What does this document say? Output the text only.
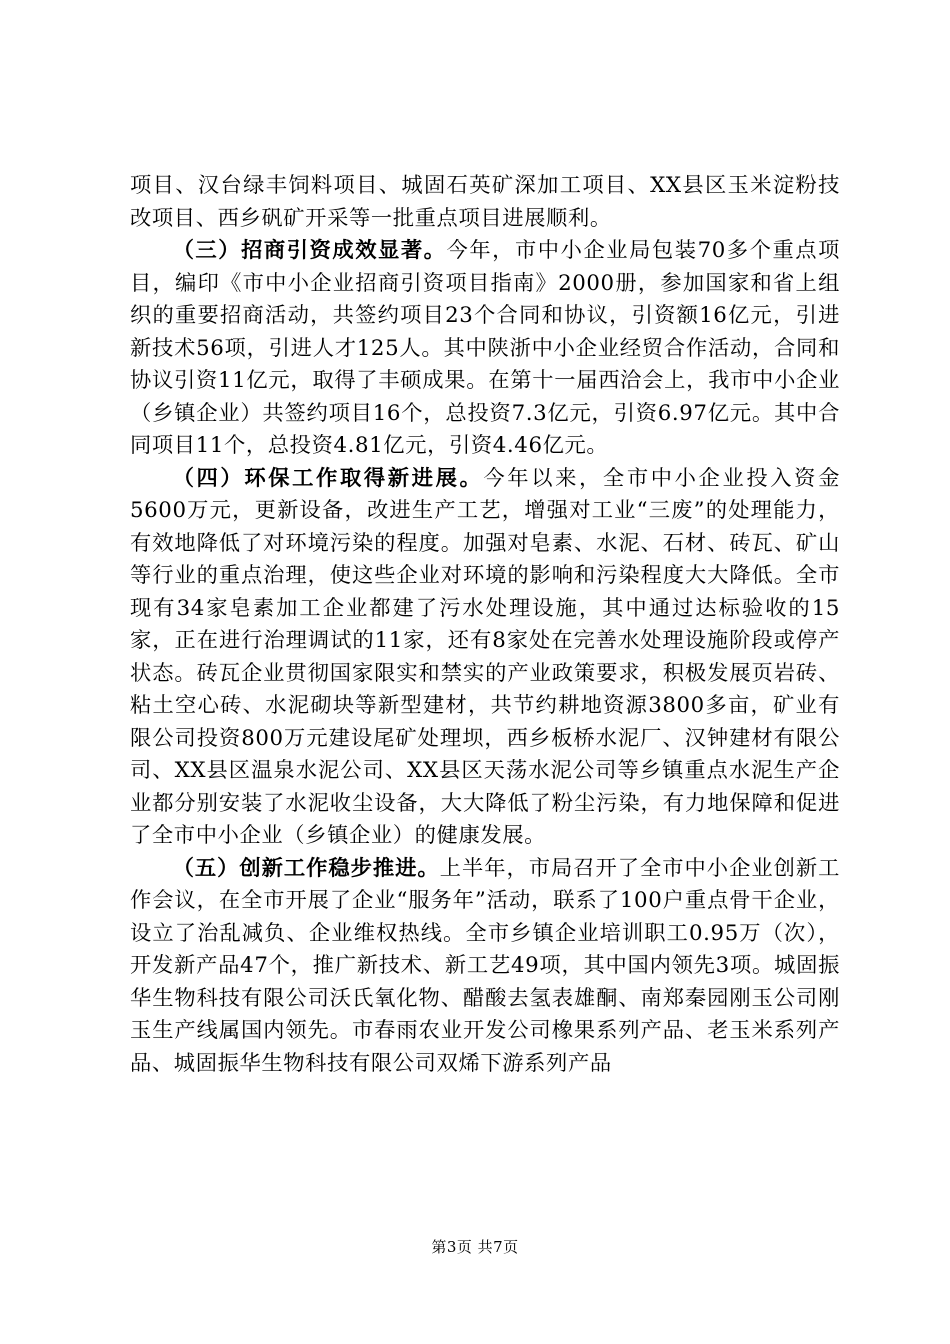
项目、汉台绿丰饲料项目、城固石英矿深加工项目、XX县区玉米淀粉技改项目、西乡矾矿开采等一批重点项目进展顺利。

（三）招商引资成效显著。今年，市中小企业局包装70多个重点项目，编印《市中小企业招商引资项目指南》2000册，参加国家和省上组织的重要招商活动，共签约项目23个合同和协议，引资额16亿元，引进新技术56项，引进人才125人。其中陕浙中小企业经贸合作活动，合同和协议引资11亿元，取得了丰硕成果。在第十一届西洽会上，我市中小企业（乡镇企业）共签约项目16个，总投资7.3亿元，引资6.97亿元。其中合同项目11个，总投资4.81亿元，引资4.46亿元。

（四）环保工作取得新进展。今年以来，全市中小企业投入资金5600万元，更新设备，改进生产工艺，增强对工业“三废”的处理能力，有效地降低了对环境污染的程度。加强对皂素、水泥、石材、砖瓦、矿山等行业的重点治理，使这些企业对环境的影响和污染程度大大降低。全市现有34家皂素加工企业都建了污水处理设施，其中通过达标验收的15家，正在进行治理调试的11家，还有8家处在完善水处理设施阶段或停产状态。砖瓦企业贯彻国家限实和禁实的产业政策要求，积极发展页岩砖、粘土空心砖、水泥砌块等新型建材，共节约耕地资源3800多亩，矿业有限公司投资800万元建设尾矿处理坝，西乡板桥水泥厂、汉钟建材有限公司、XX县区温泉水泥公司、XX县区天荡水泥公司等乡镇重点水泥生产企业都分别安装了水泥收尘设备，大大降低了粉尘污染，有力地保障和促进了全市中小企业（乡镇企业）的健康发展。

（五）创新工作稳步推进。上半年，市局召开了全市中小企业创新工作会议，在全市开展了企业“服务年”活动，联系了100户重点骨干企业，设立了治乱减负、企业维权热线。全市乡镇企业培训职工0.95万（次），开发新产品47个，推广新技术、新工艺49项，其中国内领先3项。城固振华生物科技有限公司沃氏氧化物、醋酸去氢表雄酮、南郑秦园刚玉公司刚玉生产线属国内领先。市春雨农业开发公司橡果系列产品、老玉米系列产品、城固振华生物科技有限公司双烯下游系列产品

第3页 共7页
